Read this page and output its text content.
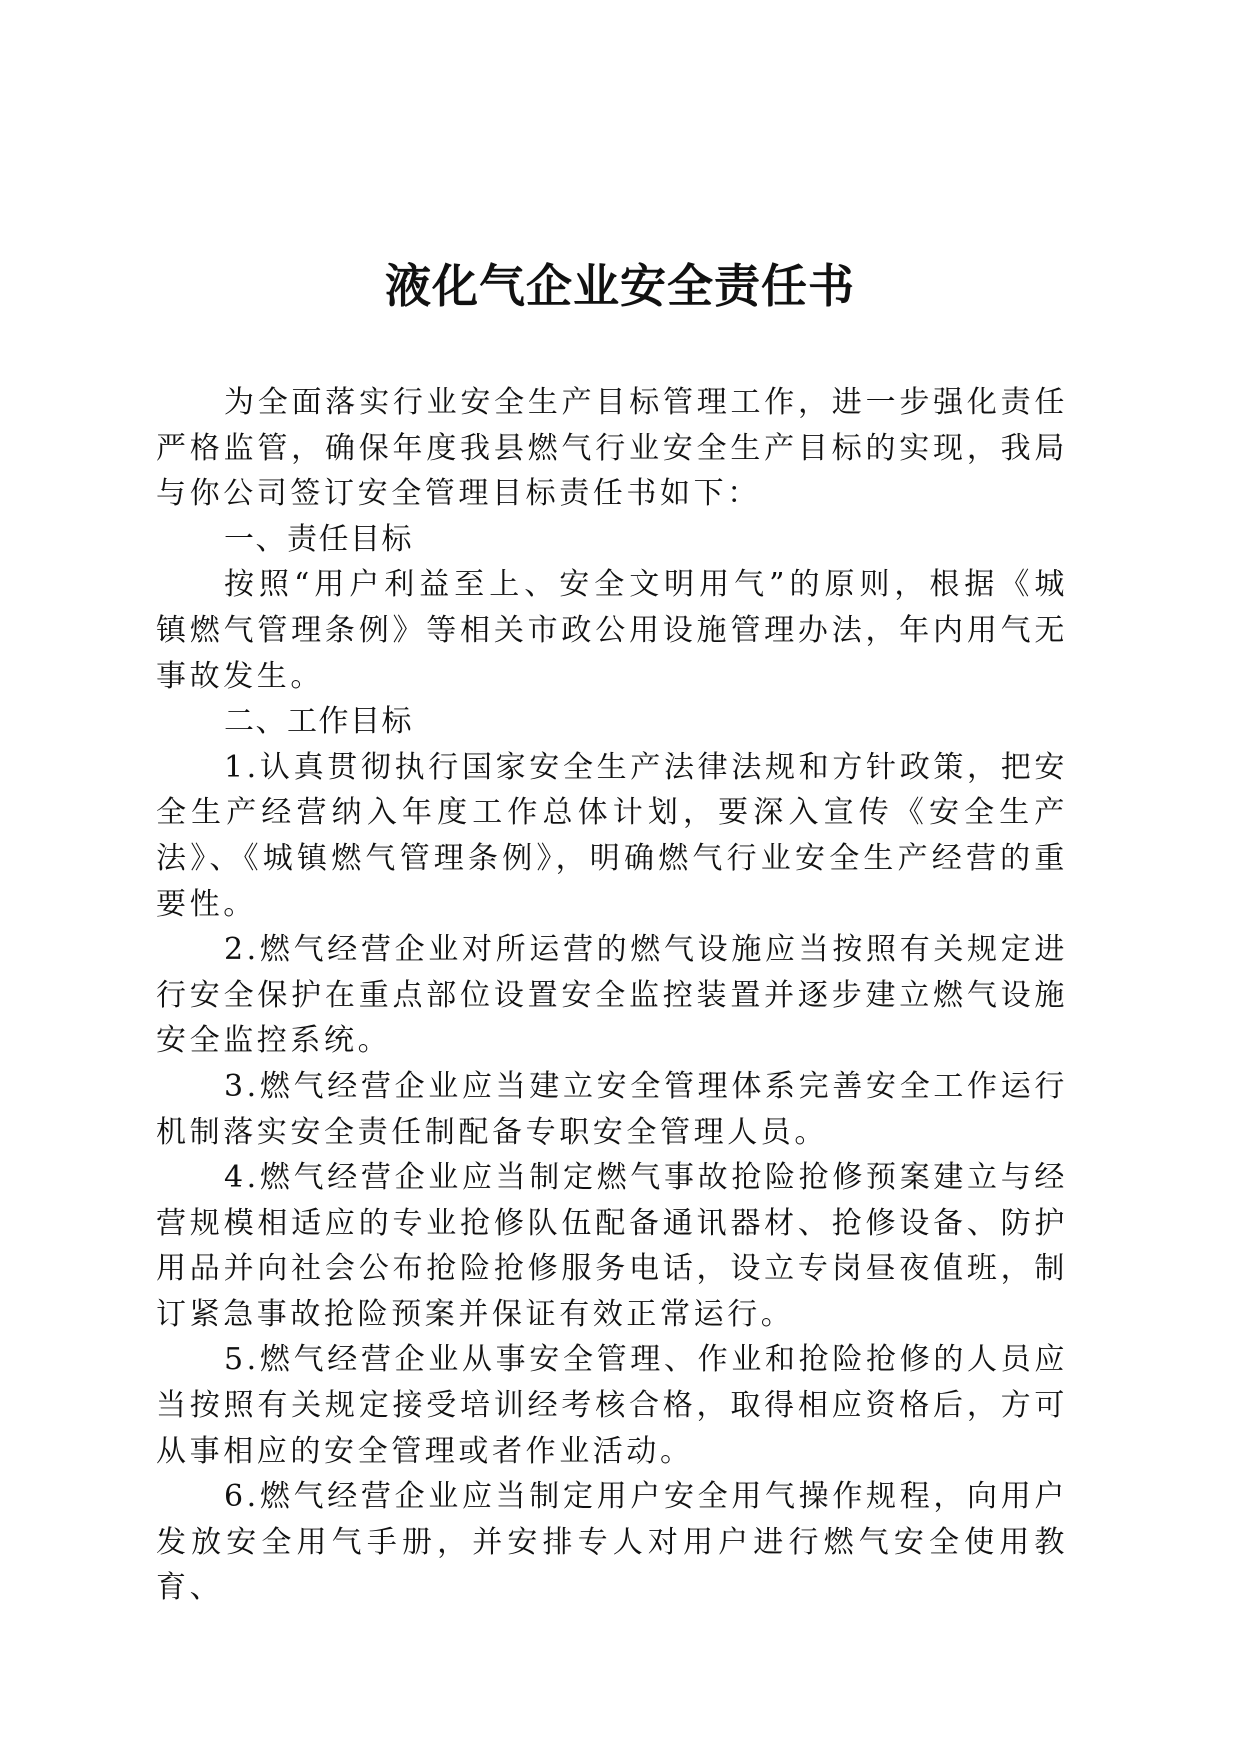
液化气企业安全责任书

为全面落实行业安全生产目标管理工作，进一步强化责任严格监管，确保年度我县燃气行业安全生产目标的实现，我局与你公司签订安全管理目标责任书如下：

一、责任目标

按照“用户利益至上、安全文明用气”的原则，根据《城镇燃气管理条例》等相关市政公用设施管理办法，年内用气无事故发生。

二、工作目标

1.认真贯彻执行国家安全生产法律法规和方针政策，把安全生产经营纳入年度工作总体计划，要深入宣传《安全生产法》、《城镇燃气管理条例》，明确燃气行业安全生产经营的重要性。

2.燃气经营企业对所运营的燃气设施应当按照有关规定进行安全保护在重点部位设置安全监控装置并逐步建立燃气设施安全监控系统。

3.燃气经营企业应当建立安全管理体系完善安全工作运行机制落实安全责任制配备专职安全管理人员。

4.燃气经营企业应当制定燃气事故抢险抢修预案建立与经营规模相适应的专业抢修队伍配备通讯器材、抢修设备、防护用品并向社会公布抢险抢修服务电话，设立专岗昼夜值班，制订紧急事故抢险预案并保证有效正常运行。

5.燃气经营企业从事安全管理、作业和抢险抢修的人员应当按照有关规定接受培训经考核合格，取得相应资格后，方可从事相应的安全管理或者作业活动。

6.燃气经营企业应当制定用户安全用气操作规程，向用户发放安全用气手册，并安排专人对用户进行燃气安全使用教育、
